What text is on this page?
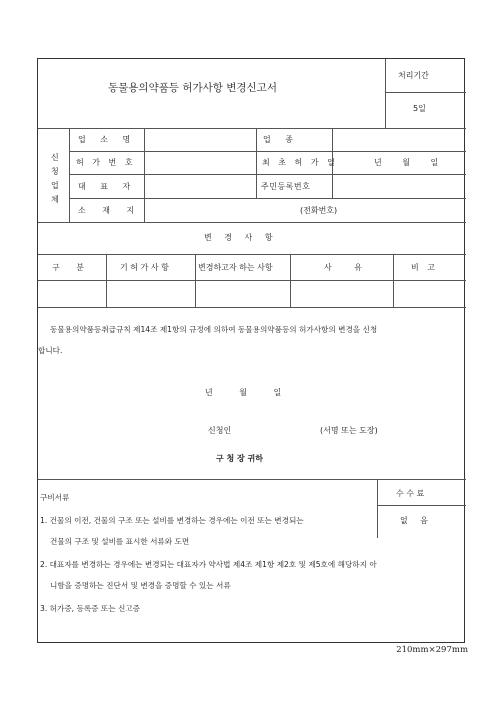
동물용의약품등 허가사항 변경신고서
처리기간
5일
신
청
업
체
업 소 명	업 종
허 가 번 호	최 초 허 가 일	년 월 일
대 표 자	주민등록번호
소 재 지	(전화번호)
변 경 사 항
구 분	기 허 가 사 항	변경하고자 하는 사항	사 유	비 고
동물용의약품등취급규칙 제14조 제1항의 규정에 의하여 동물용의약품등의 허가사항의 변경을 신청
합니다.
년 월 일
신청인	(서명 또는 도장)
구 청 장 귀하
수 수 료
없 음
구비서류
1. 건물의 이전, 건물의 구조 또는 설비를 변경하는 경우에는 이전 또는 변경되는
건물의 구조 및 설비를 표시한 서류와 도면
2. 대표자를 변경하는 경우에는 변경되는 대표자가 약사법 제4조 제1항 제2호 및 제5호에 해당하지 아
니함을 증명하는 진단서 및 변경을 증명할 수 있는 서류
3. 허가증, 등록증 또는 신고증
210mm×297mm
